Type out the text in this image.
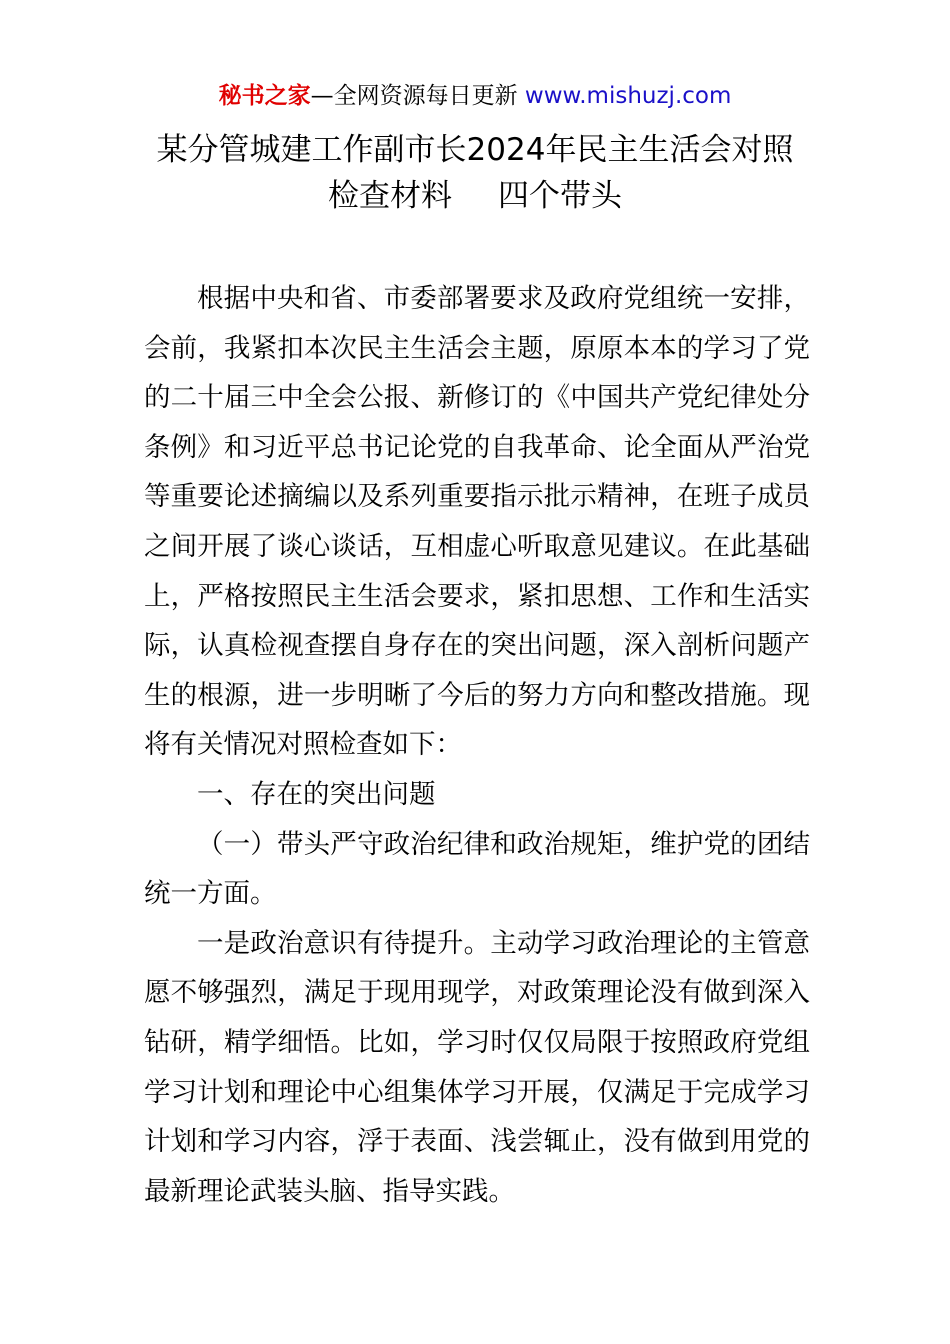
秘书之家—全网资源每日更新 www.mishuzj.com
某分管城建工作副市长2024年民主生活会对照
检查材料 四个带头

根据中央和省、市委部署要求及政府党组统一安排，会前，我紧扣本次民主生活会主题，原原本本的学习了党的二十届三中全会公报、新修订的《中国共产党纪律处分条例》和习近平总书记论党的自我革命、论全面从严治党等重要论述摘编以及系列重要指示批示精神，在班子成员之间开展了谈心谈话，互相虚心听取意见建议。在此基础上，严格按照民主生活会要求，紧扣思想、工作和生活实际，认真检视查摆自身存在的突出问题，深入剖析问题产生的根源，进一步明晰了今后的努力方向和整改措施。现将有关情况对照检查如下：

一、存在的突出问题

（一）带头严守政治纪律和政治规矩，维护党的团结统一方面。

一是政治意识有待提升。主动学习政治理论的主管意愿不够强烈，满足于现用现学，对政策理论没有做到深入钻研，精学细悟。比如，学习时仅仅局限于按照政府党组学习计划和理论中心组集体学习开展，仅满足于完成学习计划和学习内容，浮于表面、浅尝辄止，没有做到用党的最新理论武装头脑、指导实践。
